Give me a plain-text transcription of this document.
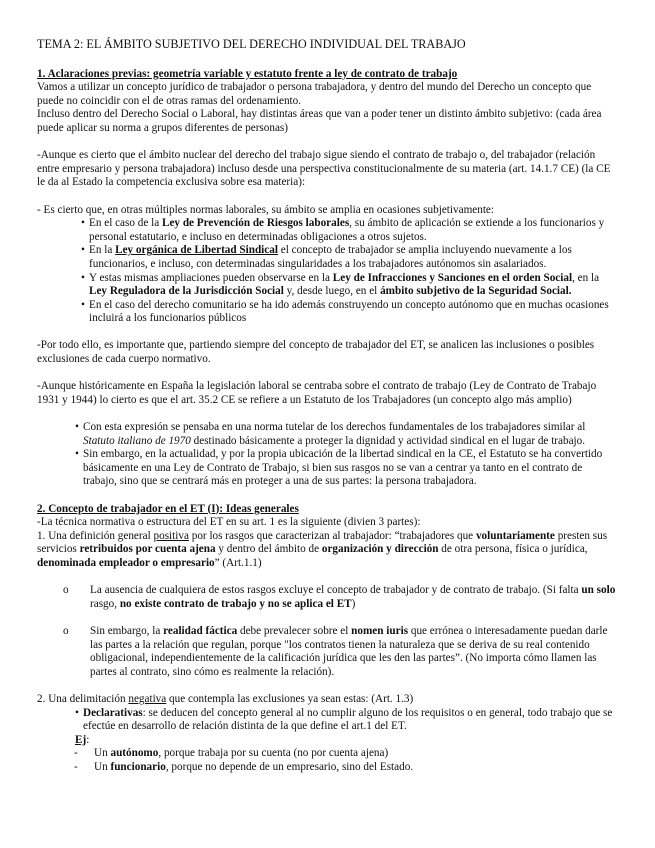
TEMA 2: EL ÁMBITO SUBJETIVO DEL DERECHO INDIVIDUAL DEL TRABAJO

1. Aclaraciones previas: geometría variable y estatuto frente a ley de contrato de trabajo

Vamos a utilizar un concepto jurídico de trabajador o persona trabajadora, y dentro del mundo del Derecho un concepto que puede no coincidir con el de otras ramas del ordenamiento.

Incluso dentro del Derecho Social o Laboral, hay distintas áreas que van a poder tener un distinto ámbito subjetivo: (cada área puede aplicar su norma a grupos diferentes de personas)

-Aunque es cierto que el ámbito nuclear del derecho del trabajo sigue siendo el contrato de trabajo o, del trabajador (relación entre empresario y persona trabajadora) incluso desde una perspectiva constitucionalmente de su materia (art. 14.1.7 CE) (la CE le da al Estado la competencia exclusiva sobre esa materia):

- Es cierto que, en otras múltiples normas laborales, su ámbito se amplia en ocasiones subjetivamente:

• En el caso de la Ley de Prevención de Riesgos laborales, su ámbito de aplicación se extiende a los funcionarios y personal estatutario, e incluso en determinadas obligaciones a otros sujetos.
• En la Ley orgánica de Libertad Sindical el concepto de trabajador se amplia incluyendo nuevamente a los funcionarios, e incluso, con determinadas singularidades a los trabajadores autónomos sin asalariados.
• Y estas mismas ampliaciones pueden observarse en la Ley de Infracciones y Sanciones en el orden Social, en la Ley Reguladora de la Jurisdicción Social y, desde luego, en el ámbito subjetivo de la Seguridad Social.
• En el caso del derecho comunitario se ha ido además construyendo un concepto autónomo que en muchas ocasiones incluirá a los funcionarios públicos

-Por todo ello, es importante que, partiendo siempre del concepto de trabajador del ET, se analicen las inclusiones o posibles exclusiones de cada cuerpo normativo.

-Aunque históricamente en España la legislación laboral se centraba sobre el contrato de trabajo (Ley de Contrato de Trabajo 1931 y 1944) lo cierto es que el art. 35.2 CE se refiere a un Estatuto de los Trabajadores (un concepto algo más amplio)

• Con esta expresión se pensaba en una norma tutelar de los derechos fundamentales de los trabajadores similar al Statuto italiano de 1970 destinado básicamente a proteger la dignidad y actividad sindical en el lugar de trabajo.
• Sin embargo, en la actualidad, y por la propia ubicación de la libertad sindical en la CE, el Estatuto se ha convertido básicamente en una Ley de Contrato de Trabajo, si bien sus rasgos no se van a centrar ya tanto en el contrato de trabajo, sino que se centrará más en proteger a una de sus partes: la persona trabajadora.

2. Concepto de trabajador en el ET (I): Ideas generales

-La técnica normativa o estructura del ET en su art. 1 es la siguiente (divien 3 partes):

1. Una definición general positiva por los rasgos que caracterizan al trabajador: “trabajadores que voluntariamente presten sus servicios retribuidos por cuenta ajena y dentro del ámbito de organización y dirección de otra persona, física o jurídica, denominada empleador o empresario” (Art.1.1)

o La ausencia de cualquiera de estos rasgos excluye el concepto de trabajador y de contrato de trabajo. (Si falta un solo rasgo, no existe contrato de trabajo y no se aplica el ET)
o Sin embargo, la realidad fáctica debe prevalecer sobre el nomen iuris que errónea o interesadamente puedan darle las partes a la relación que regulan, porque "los contratos tienen la naturaleza que se deriva de su real contenido obligacional, independientemente de la calificación jurídica que les den las partes”. (No importa cómo llamen las partes al contrato, sino cómo es realmente la relación).

2. Una delimitación negativa que contempla las exclusiones ya sean estas: (Art. 1.3)

• Declarativas: se deducen del concepto general al no cumplir alguno de los requisitos o en general, todo trabajo que se efectúe en desarrollo de relación distinta de la que define el art.1 del ET.

Ej:

- Un autónomo, porque trabaja por su cuenta (no por cuenta ajena)
- Un funcionario, porque no depende de un empresario, sino del Estado.
